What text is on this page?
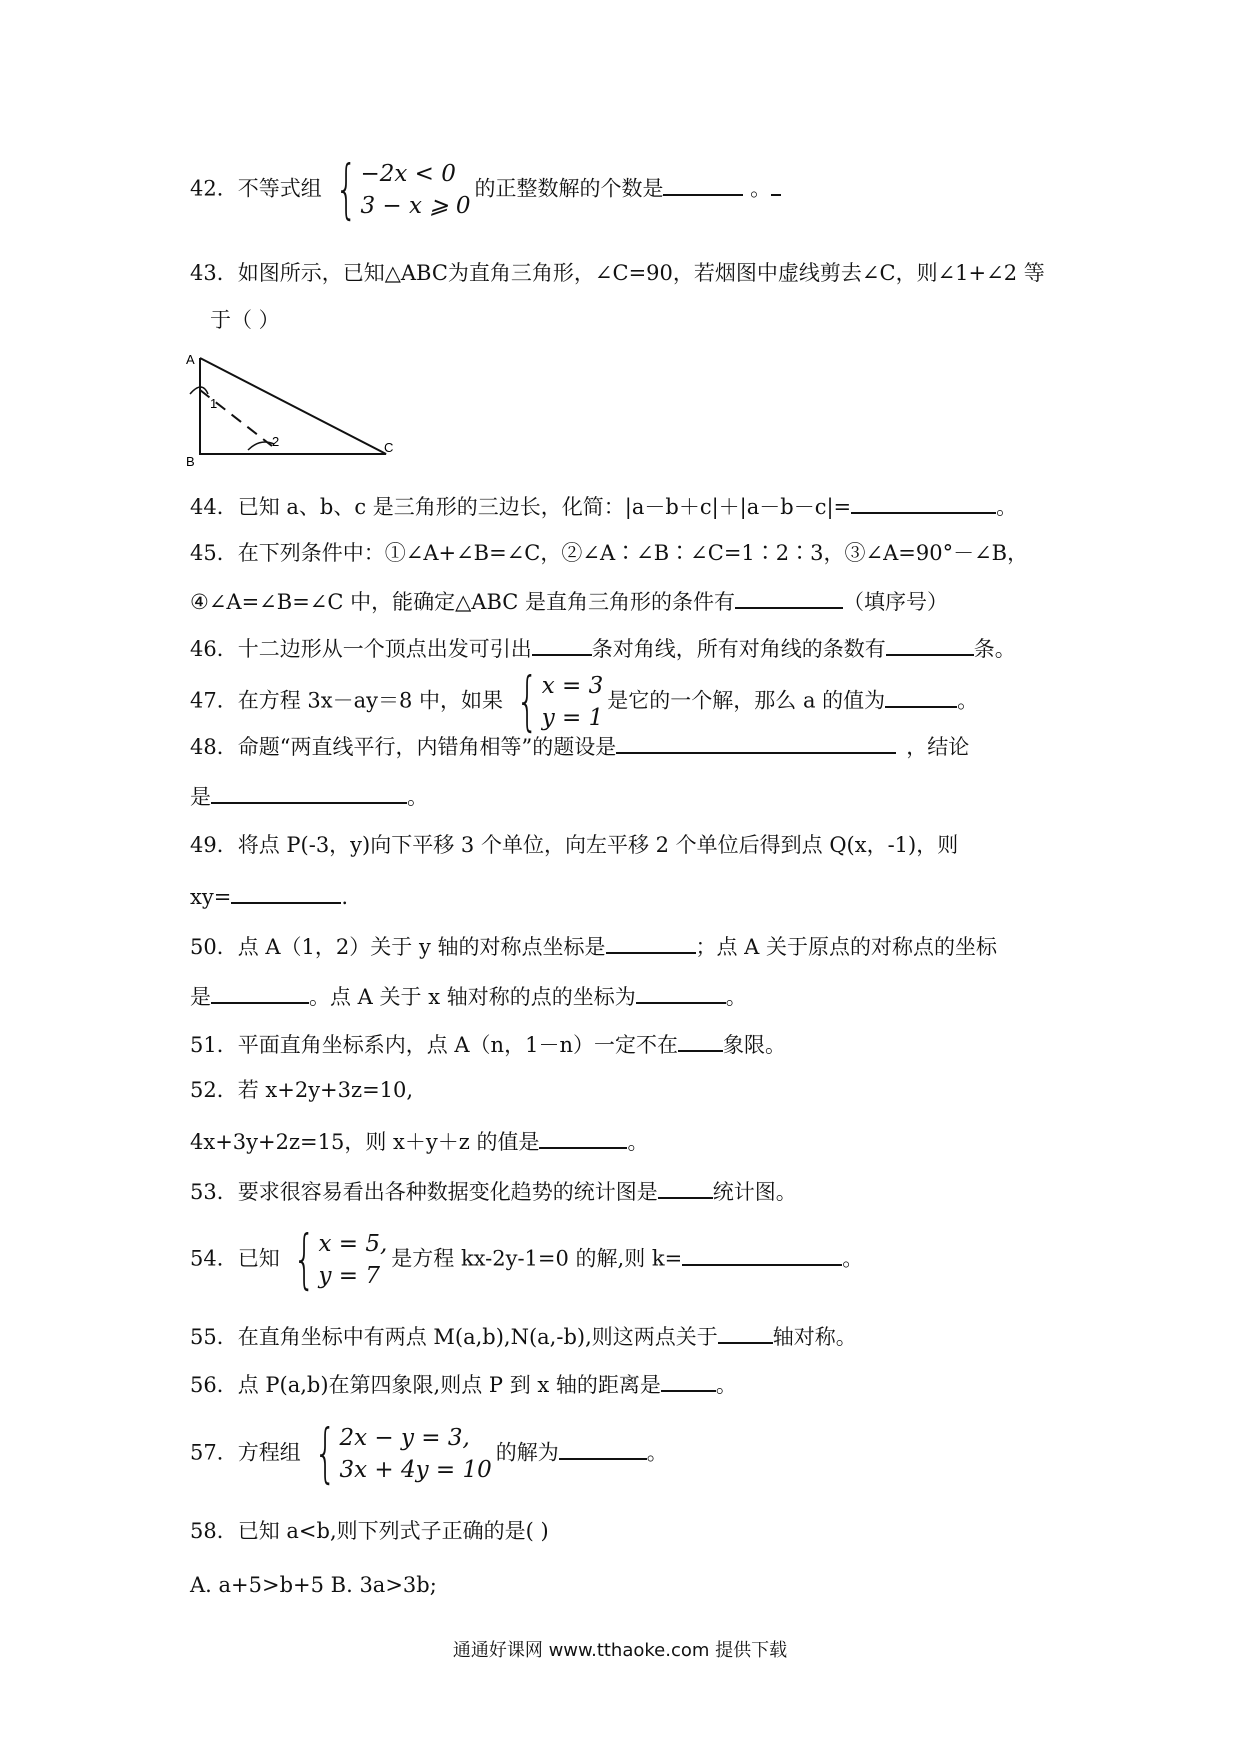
42．不等式组 { −2x < 0
3 − x ⩾ 0
的正整数解的个数是	。
43．如图所示，已知△ABC为直角三角形，∠C=90，若烟图中虚线剪去∠C，则∠1+∠2 等
于（ ）
A
B
C
1
2
44．已知 a、b、c 是三角形的三边长，化简：|a－b＋c|＋|a－b－c|=	。
45．在下列条件中：①∠A+∠B=∠C，②∠A∶∠B∶∠C=1∶2∶3，③∠A=90°－∠B，
④∠A=∠B=∠C 中，能确定△ABC 是直角三角形的条件有	（填序号）
46．十二边形从一个顶点出发可引出	条对角线，所有对角线的条数有	条。
47．在方程 3x－ay＝8 中，如果 { x = 3
y = 1
是它的一个解，那么 a 的值为	。
48．命题“两直线平行，内错角相等”的题设是	，结论
是	。
49．将点 P(-3，y)向下平移 3 个单位，向左平移 2 个单位后得到点 Q(x，-1)，则
xy=	.
50．点 A（1，2）关于 y 轴的对称点坐标是	；点 A 关于原点的对称点的坐标
是	。点 A 关于 x 轴对称的点的坐标为	。
51．平面直角坐标系内，点 A（n，1－n）一定不在 象限。
52．若 x+2y+3z=10,
4x+3y+2z=15，则 x＋y＋z 的值是	。
53．要求很容易看出各种数据变化趋势的统计图是	统计图。
54．已知 { x = 5,
y = 7
是方程 kx-2y-1=0 的解,则 k=	。
55．在直角坐标中有两点 M(a,b),N(a,-b),则这两点关于	轴对称。
56．点 P(a,b)在第四象限,则点 P 到 x 轴的距离是	。
57．方程组 { 2x − y = 3,
3x + 4y = 10
的解为	。
58．已知 a<b,则下列式子正确的是( )
A. a+5>b+5 B. 3a>3b;
通通好课网 www.tthaoke.com 提供下载
